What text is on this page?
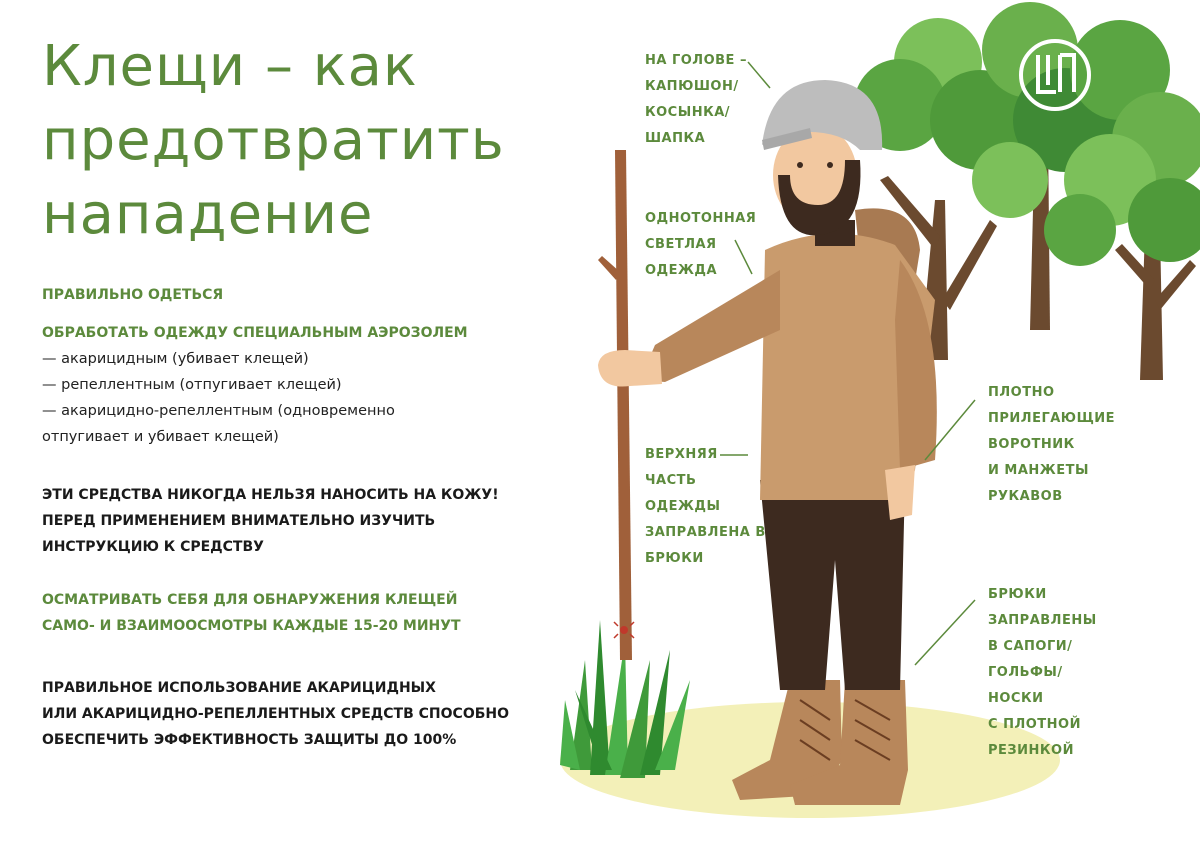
Клещи – как
предотвратить
нападение
ПРАВИЛЬНО ОДЕТЬСЯ
ОБРАБОТАТЬ ОДЕЖДУ СПЕЦИАЛЬНЫМ АЭРОЗОЛЕМ
— акарицидным (убивает клещей)
— репеллентным (отпугивает клещей)
— акарицидно-репеллентным (одновременно
отпугивает и убивает клещей)
ЭТИ СРЕДСТВА НИКОГДА НЕЛЬЗЯ НАНОСИТЬ НА КОЖУ!
ПЕРЕД ПРИМЕНЕНИЕМ ВНИМАТЕЛЬНО ИЗУЧИТЬ
ИНСТРУКЦИЮ К СРЕДСТВУ
ОСМАТРИВАТЬ СЕБЯ ДЛЯ ОБНАРУЖЕНИЯ КЛЕЩЕЙ
САМО- И ВЗАИМООСМОТРЫ КАЖДЫЕ 15-20 МИНУТ
ПРАВИЛЬНОЕ ИСПОЛЬЗОВАНИЕ АКАРИЦИДНЫХ
ИЛИ АКАРИЦИДНО-РЕПЕЛЛЕНТНЫХ СРЕДСТВ СПОСОБНО
ОБЕСПЕЧИТЬ ЭФФЕКТИВНОСТЬ ЗАЩИТЫ ДО 100%
НА ГОЛОВЕ –
КАПЮШОН/
КОСЫНКА/
ШАПКА
ОДНОТОННАЯ
СВЕТЛАЯ
ОДЕЖДА
ВЕРХНЯЯ
ЧАСТЬ
ОДЕЖДЫ
ЗАПРАВЛЕНА В
БРЮКИ
ПЛОТНО
ПРИЛЕГАЮЩИЕ
ВОРОТНИК
И МАНЖЕТЫ
РУКАВОВ
БРЮКИ
ЗАПРАВЛЕНЫ
В САПОГИ/
ГОЛЬФЫ/
НОСКИ
С ПЛОТНОЙ
РЕЗИНКОЙ
